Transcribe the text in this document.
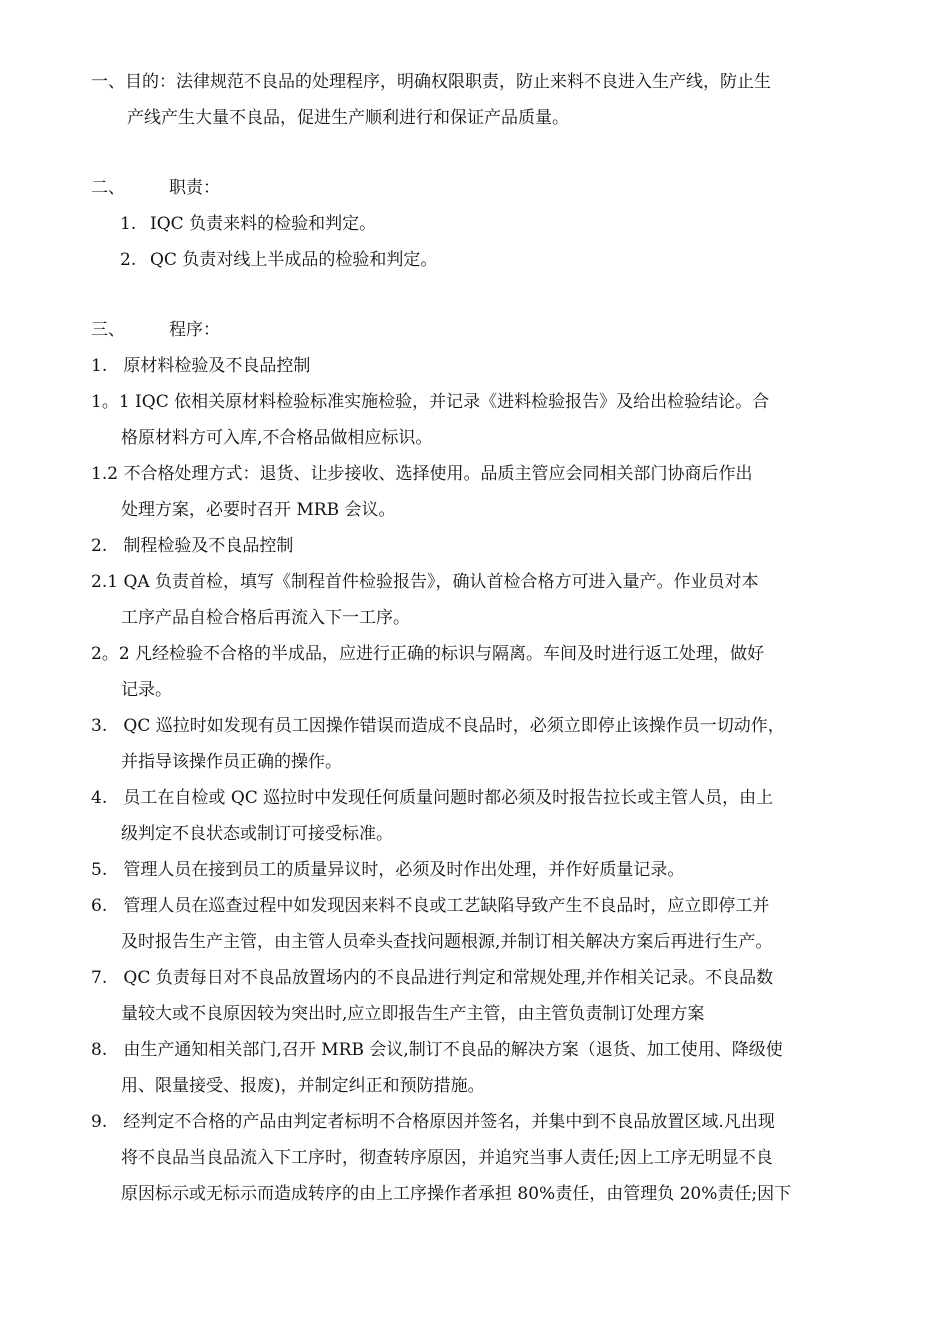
一、目的：法律规范不良品的处理程序，明确权限职责，防止来料不良进入生产线，防止生
产线产生大量不良品，促进生产顺利进行和保证产品质量。
二、	职责：
1. IQC 负责来料的检验和判定。
2. QC 负责对线上半成品的检验和判定。
三、	程序：
1.   原材料检验及不良品控制
1。1 IQC 依相关原材料检验标准实施检验，并记录《进料检验报告》及给出检验结论。合
格原材料方可入库,不合格品做相应标识。
1.2 不合格处理方式：退货、让步接收、选择使用。品质主管应会同相关部门协商后作出
处理方案，必要时召开 MRB 会议。
2.   制程检验及不良品控制
2.1 QA 负责首检，填写《制程首件检验报告》，确认首检合格方可进入量产。作业员对本
工序产品自检合格后再流入下一工序。
2。2 凡经检验不合格的半成品，应进行正确的标识与隔离。车间及时进行返工处理，做好
记录。
3.   QC 巡拉时如发现有员工因操作错误而造成不良品时，必须立即停止该操作员一切动作，
并指导该操作员正确的操作。
4.   员工在自检或 QC 巡拉时中发现任何质量问题时都必须及时报告拉长或主管人员，由上
级判定不良状态或制订可接受标准。
5.   管理人员在接到员工的质量异议时，必须及时作出处理，并作好质量记录。
6.   管理人员在巡查过程中如发现因来料不良或工艺缺陷导致产生不良品时，应立即停工并
及时报告生产主管，由主管人员牵头查找问题根源,并制订相关解决方案后再进行生产。
7.   QC 负责每日对不良品放置场内的不良品进行判定和常规处理,并作相关记录。不良品数
量较大或不良原因较为突出时,应立即报告生产主管，由主管负责制订处理方案
8.   由生产通知相关部门,召开 MRB 会议,制订不良品的解决方案（退货、加工使用、降级使
用、限量接受、报废)，并制定纠正和预防措施。
9.   经判定不合格的产品由判定者标明不合格原因并签名，并集中到不良品放置区域.凡出现
将不良品当良品流入下工序时，彻查转序原因，并追究当事人责任;因上工序无明显不良
原因标示或无标示而造成转序的由上工序操作者承担 80%责任，由管理负 20%责任;因下
